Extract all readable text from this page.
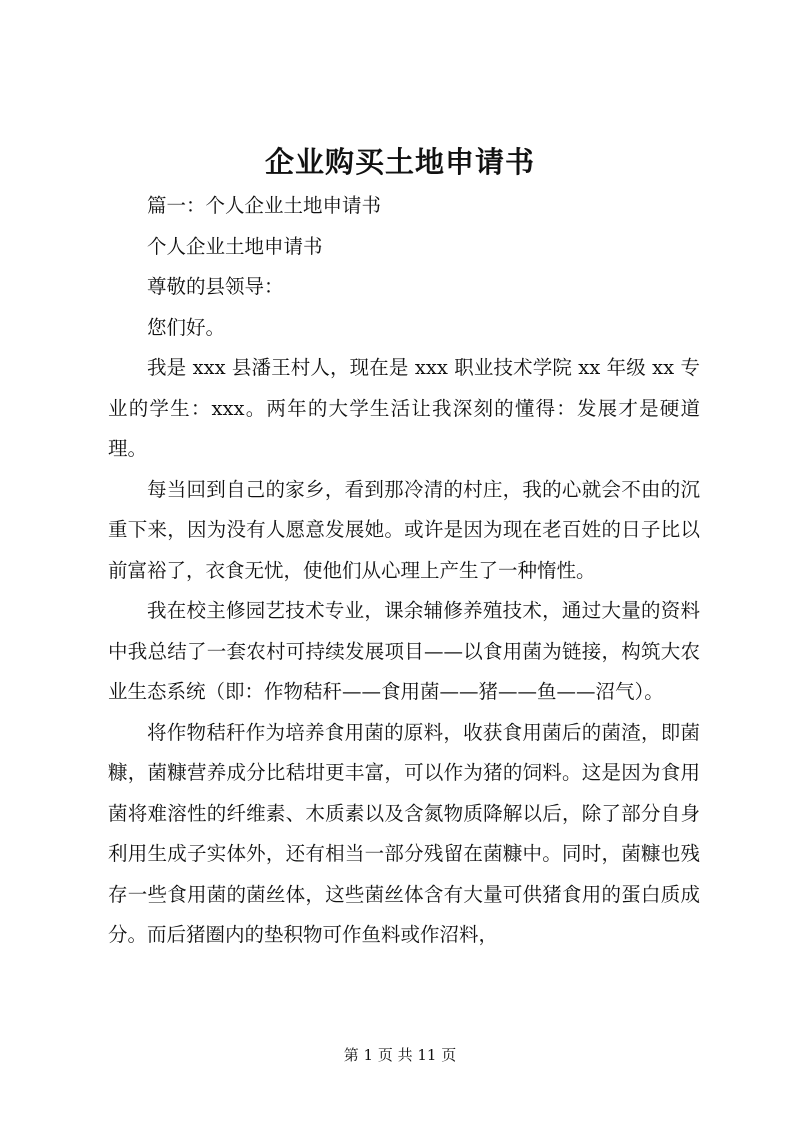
企业购买土地申请书

篇一：个人企业土地申请书

个人企业土地申请书

尊敬的县领导：

您们好。

我是 xxx 县潘王村人，现在是 xxx 职业技术学院 xx 年级 xx 专业的学生：xxx。两年的大学生活让我深刻的懂得：发展才是硬道理。

每当回到自己的家乡，看到那冷清的村庄，我的心就会不由的沉重下来，因为没有人愿意发展她。或许是因为现在老百姓的日子比以前富裕了，衣食无忧，使他们从心理上产生了一种惰性。

我在校主修园艺技术专业，课余辅修养殖技术，通过大量的资料中我总结了一套农村可持续发展项目——以食用菌为链接，构筑大农业生态系统（即：作物秸秆——食用菌——猪——鱼——沼气）。

将作物秸秆作为培养食用菌的原料，收获食用菌后的菌渣，即菌糠，菌糠营养成分比秸坩更丰富，可以作为猪的饲料。这是因为食用菌将难溶性的纤维素、木质素以及含氮物质降解以后，除了部分自身利用生成子实体外，还有相当一部分残留在菌糠中。同时，菌糠也残存一些食用菌的菌丝体，这些菌丝体含有大量可供猪食用的蛋白质成分。而后猪圈内的垫积物可作鱼料或作沼料，

第 1 页 共 11 页
